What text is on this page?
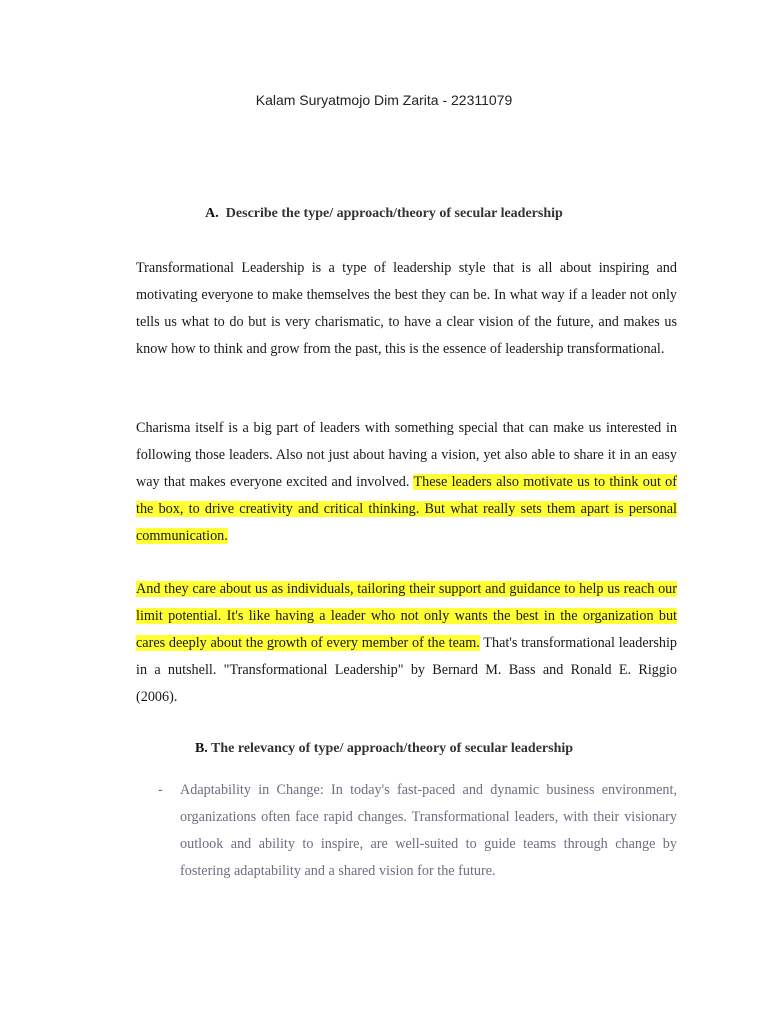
Kalam Suryatmojo Dim Zarita - 22311079
A. Describe the type/ approach/theory of secular leadership

Transformational Leadership is a type of leadership style that is all about inspiring and motivating everyone to make themselves the best they can be. In what way if a leader not only tells us what to do but is very charismatic, to have a clear vision of the future, and makes us know how to think and grow from the past, this is the essence of leadership transformational.

Charisma itself is a big part of leaders with something special that can make us interested in following those leaders. Also not just about having a vision, yet also able to share it in an easy way that makes everyone excited and involved. These leaders also motivate us to think out of the box, to drive creativity and critical thinking. But what really sets them apart is personal communication.

And they care about us as individuals, tailoring their support and guidance to help us reach our limit potential. It's like having a leader who not only wants the best in the organization but cares deeply about the growth of every member of the team. That's transformational leadership in a nutshell. "Transformational Leadership" by Bernard M. Bass and Ronald E. Riggio (2006).

B. The relevancy of type/ approach/theory of secular leadership
- Adaptability in Change: In today's fast-paced and dynamic business environment, organizations often face rapid changes. Transformational leaders, with their visionary outlook and ability to inspire, are well-suited to guide teams through change by fostering adaptability and a shared vision for the future.
